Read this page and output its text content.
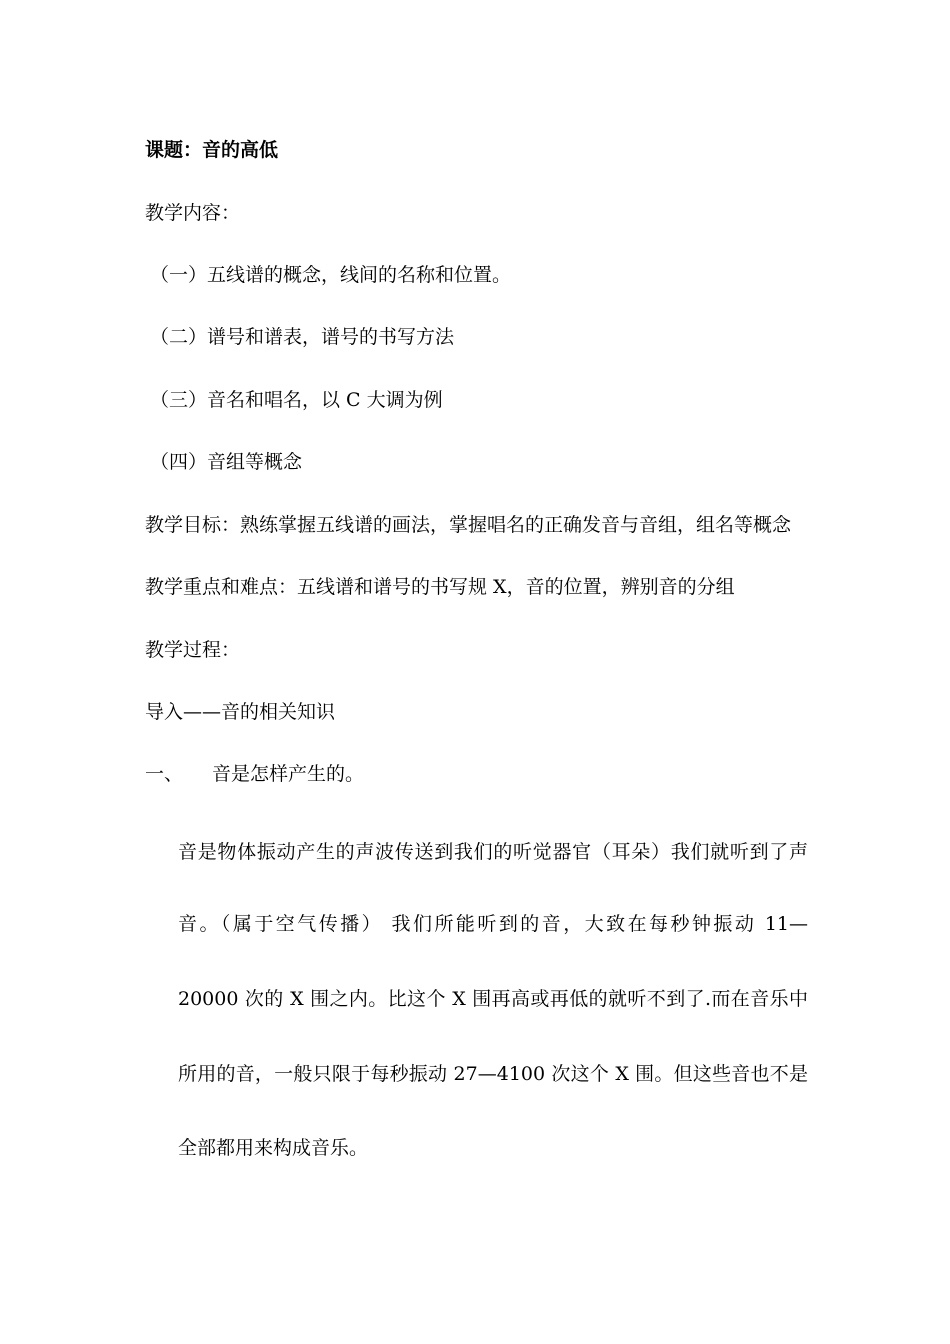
课题：音的高低
教学内容：
（一）五线谱的概念，线间的名称和位置。
（二）谱号和谱表，谱号的书写方法
（三）音名和唱名，以 C 大调为例
（四）音组等概念
教学目标：熟练掌握五线谱的画法，掌握唱名的正确发音与音组，组名等概念
教学重点和难点：五线谱和谱号的书写规 X，音的位置，辨别音的分组
教学过程：
导入——音的相关知识
一、 音是怎样产生的。
音是物体振动产生的声波传送到我们的听觉器官（耳朵）我们就听到了声
音。（属于空气传播） 我们所能听到的音，大致在每秒钟振动 11—
20000 次的 X 围之内。比这个 X 围再高或再低的就听不到了.而在音乐中
所用的音，一般只限于每秒振动 27—4100 次这个 X 围。但这些音也不是
全部都用来构成音乐。
